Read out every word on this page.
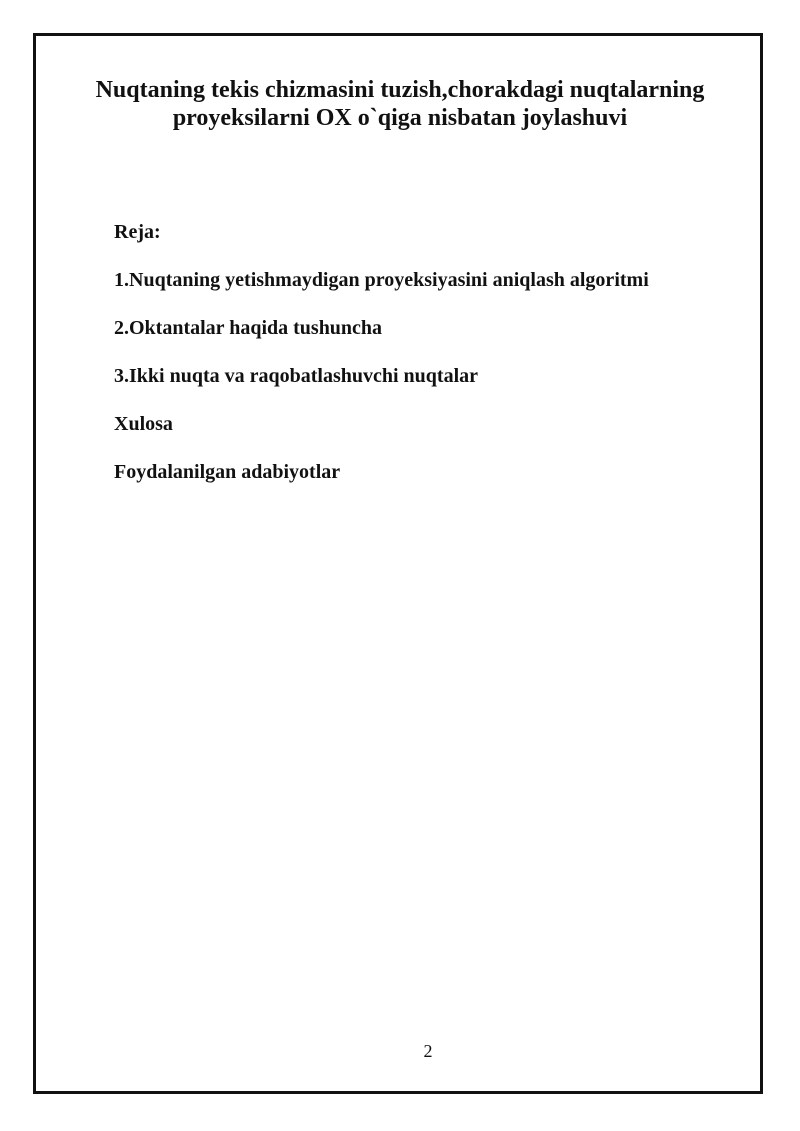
Nuqtaning tekis chizmasini tuzish,chorakdagi nuqtalarning
proyeksilarni OX o`qiga nisbatan joylashuvi
Reja:
1.Nuqtaning yetishmaydigan proyeksiyasini aniqlash algoritmi
2.Oktantalar haqida tushuncha
3.Ikki nuqta va raqobatlashuvchi nuqtalar
Xulosa
Foydalanilgan adabiyotlar
2
